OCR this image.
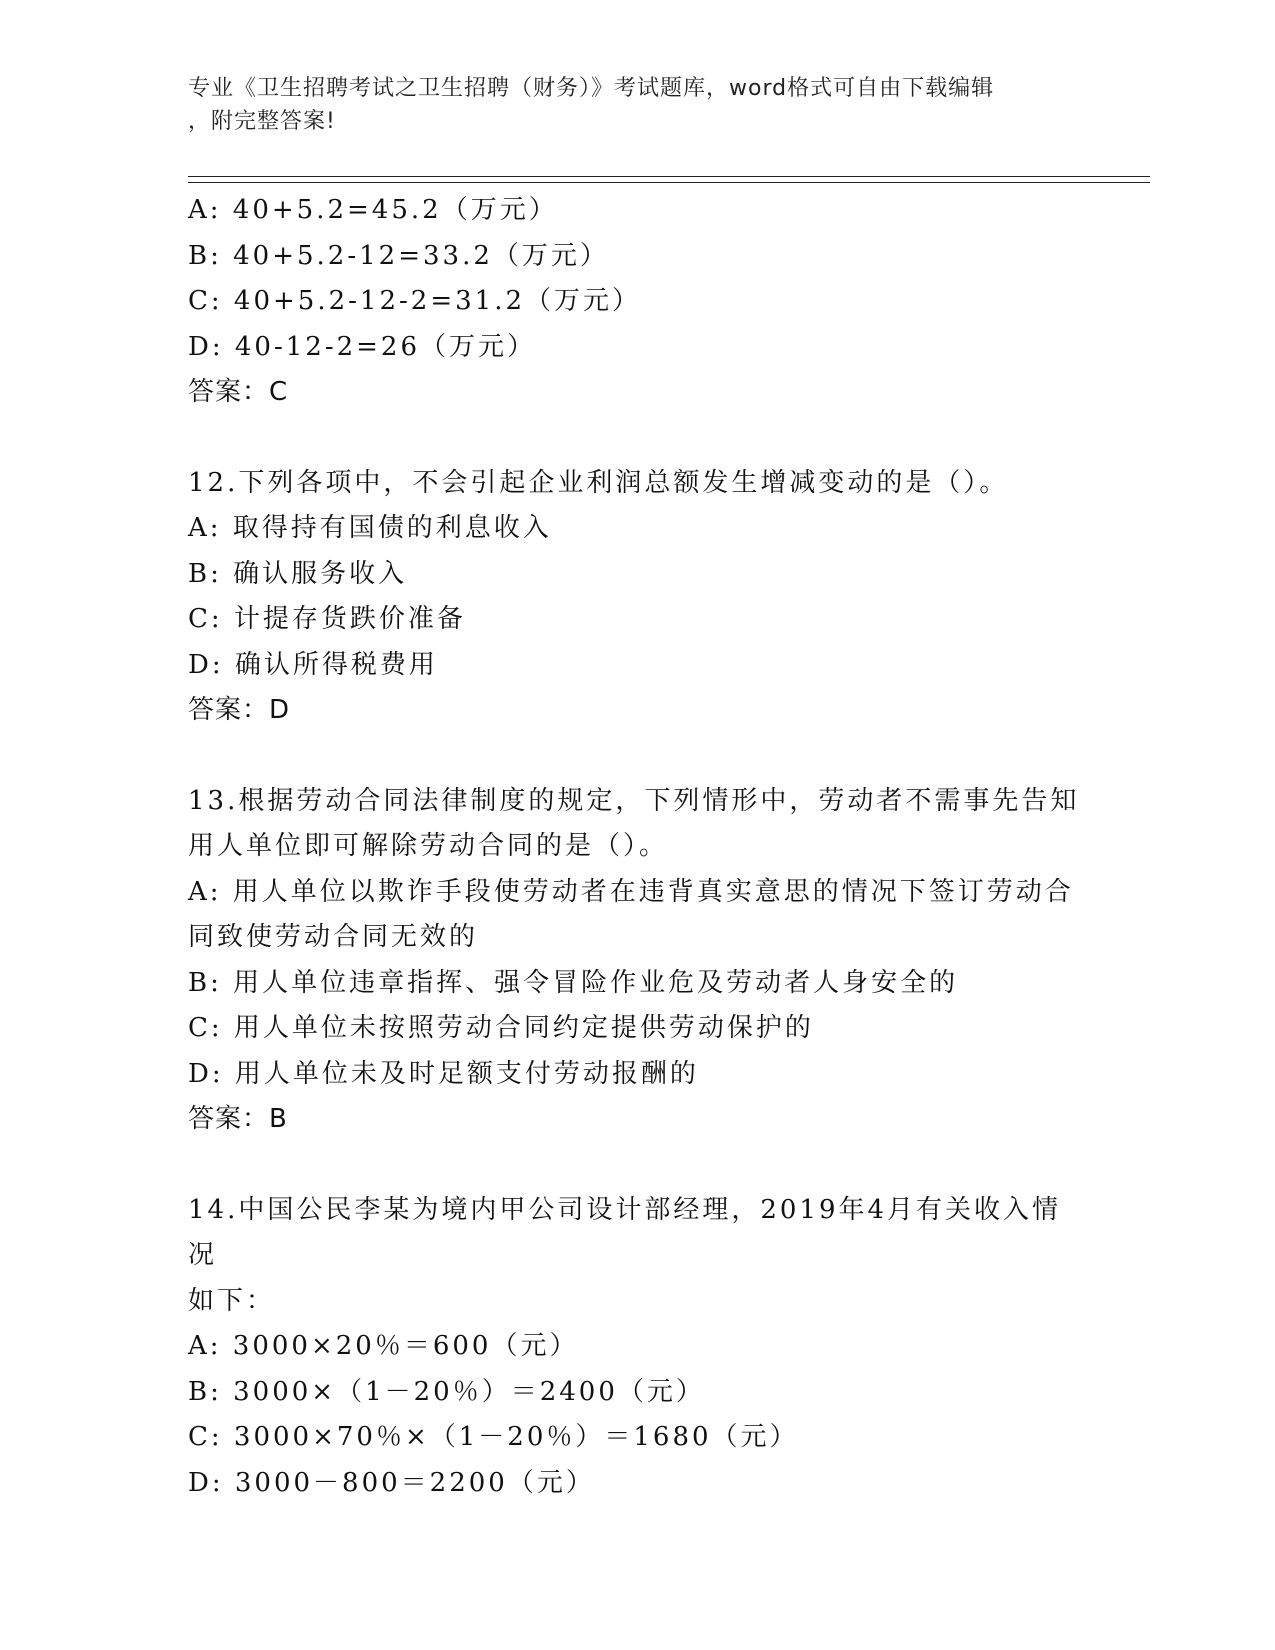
专业《卫生招聘考试之卫生招聘（财务）》考试题库，word格式可自由下载编辑
，附完整答案!
A: 40+5.2=45.2（万元）
B: 40+5.2-12=33.2（万元）
C: 40+5.2-12-2=31.2（万元）
D: 40-12-2=26（万元）
答案：C
12.下列各项中，不会引起企业利润总额发生增减变动的是（）。
A: 取得持有国债的利息收入
B: 确认服务收入
C: 计提存货跌价准备
D: 确认所得税费用
答案：D
13.根据劳动合同法律制度的规定，下列情形中，劳动者不需事先告知
用人单位即可解除劳动合同的是（）。
A: 用人单位以欺诈手段使劳动者在违背真实意思的情况下签订劳动合
同致使劳动合同无效的
B: 用人单位违章指挥、强令冒险作业危及劳动者人身安全的
C: 用人单位未按照劳动合同约定提供劳动保护的
D: 用人单位未及时足额支付劳动报酬的
答案：B
14.中国公民李某为境内甲公司设计部经理，2019年4月有关收入情况
如下：
A: 3000×20％＝600（元）
B: 3000×（1－20％）＝2400（元）
C: 3000×70％×（1－20％）＝1680（元）
D: 3000－800＝2200（元）
